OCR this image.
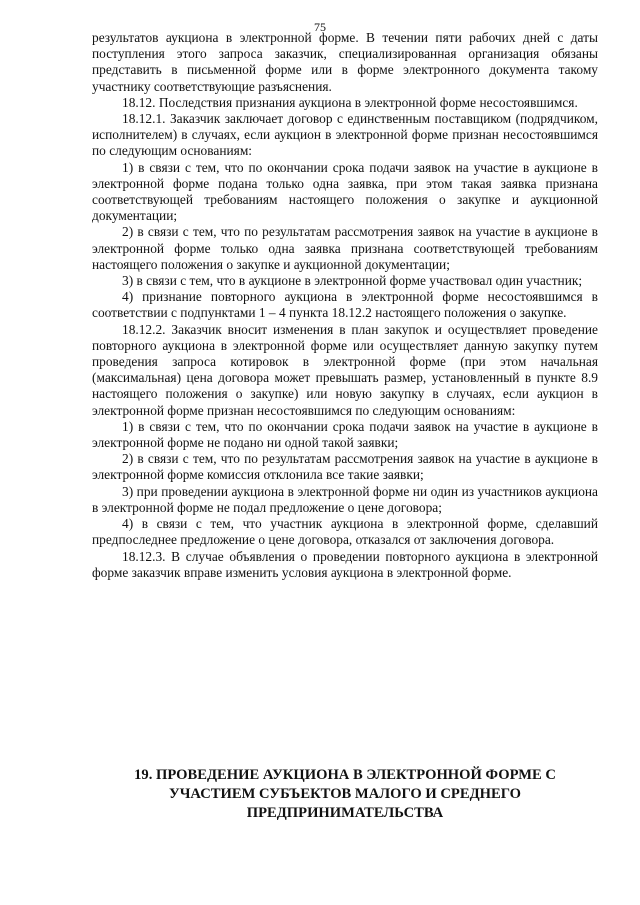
75

результатов аукциона в электронной форме. В течении пяти рабочих дней с даты поступления этого запроса заказчик, специализированная организация обязаны представить в письменной форме или в форме электронного документа такому участнику соответствующие разъяснения.

18.12. Последствия признания аукциона в электронной форме несостоявшимся.

18.12.1. Заказчик заключает договор с единственным поставщиком (подрядчиком, исполнителем) в случаях, если аукцион в электронной форме признан несостоявшимся по следующим основаниям:

1) в связи с тем, что по окончании срока подачи заявок на участие в аукционе в электронной форме подана только одна заявка, при этом такая заявка признана соответствующей требованиям настоящего положения о закупке и аукционной документации;

2) в связи с тем, что по результатам рассмотрения заявок на участие в аукционе в электронной форме только одна заявка признана соответствующей требованиям настоящего положения о закупке и аукционной документации;

3) в связи с тем, что в аукционе в электронной форме участвовал один участник;

4) признание повторного аукциона в электронной форме несостоявшимся в соответствии с подпунктами 1 – 4 пункта 18.12.2 настоящего положения о закупке.

18.12.2. Заказчик вносит изменения в план закупок и осуществляет проведение повторного аукциона в электронной форме или осуществляет данную закупку путем проведения запроса котировок в электронной форме (при этом начальная (максимальная) цена договора может превышать размер, установленный в пункте 8.9 настоящего положения о закупке) или новую закупку в случаях, если аукцион в электронной форме признан несостоявшимся по следующим основаниям:

1) в связи с тем, что по окончании срока подачи заявок на участие в аукционе в электронной форме не подано ни одной такой заявки;

2) в связи с тем, что по результатам рассмотрения заявок на участие в аукционе в электронной форме комиссия отклонила все такие заявки;

3) при проведении аукциона в электронной форме ни один из участников аукциона в электронной форме не подал предложение о цене договора;

4) в связи с тем, что участник аукциона в электронной форме, сделавший предпоследнее предложение о цене договора, отказался от заключения договора.

18.12.3. В случае объявления о проведении повторного аукциона в электронной форме заказчик вправе изменить условия аукциона в электронной форме.

19. ПРОВЕДЕНИЕ АУКЦИОНА В ЭЛЕКТРОННОЙ ФОРМЕ С
УЧАСТИЕМ СУБЪЕКТОВ МАЛОГО И СРЕДНЕГО
ПРЕДПРИНИМАТЕЛЬСТВА
